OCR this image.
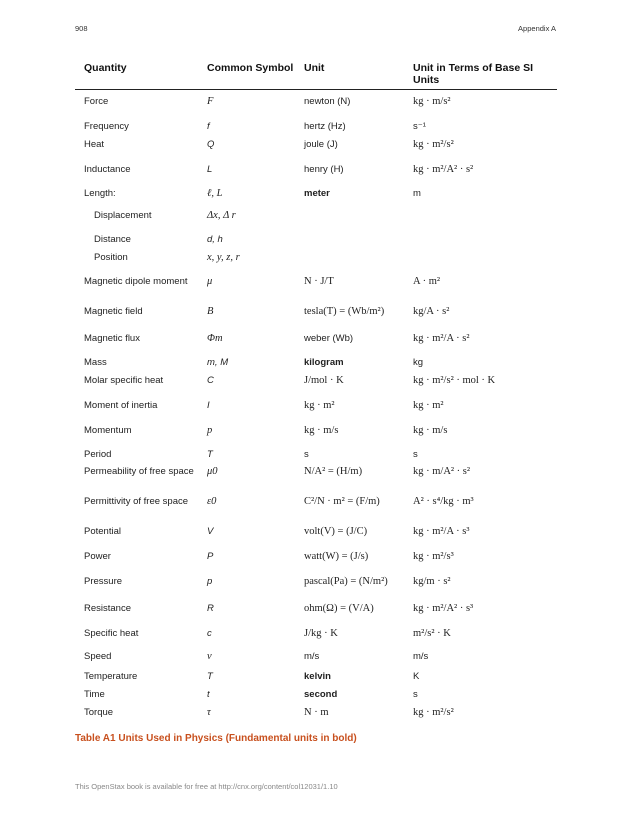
908	Appendix A
Quantity	Common Symbol	Unit	Unit in Terms of Base SI Units
Force	F⃗	newton (N)	kg · m/s²
Frequency	f	hertz (Hz)	s⁻¹
Heat	Q	joule (J)	kg · m²/s²
Inductance	L	henry (H)	kg · m²/A² · s²
Length:	ℓ, L	meter	m
Displacement	Δx, Δ r⃗
Distance	d, h
Position	x, y, z, r⃗
Magnetic dipole moment	μ⃗	N · J/T	A · m²
Magnetic field	B⃗	tesla(T) = (Wb/m²)	kg/A · s²
Magnetic flux	Φm	weber (Wb)	kg · m²/A · s²
Mass	m, M	kilogram	kg
Molar specific heat	C	J/mol · K	kg · m²/s² · mol · K
Moment of inertia	I	kg · m²	kg · m²
Momentum	p⃗	kg · m/s	kg · m/s
Period	T	s	s
Permeability of free space	μ0	N/A² = (H/m)	kg · m/A² · s²
Permittivity of free space	ε0	C²/N · m² = (F/m)	A² · s⁴/kg · m³
Potential	V	volt(V) = (J/C)	kg · m²/A · s³
Power	P	watt(W) = (J/s)	kg · m²/s³
Pressure	p	pascal(Pa) = (N/m²)	kg/m · s²
Resistance	R	ohm(Ω) = (V/A)	kg · m²/A² · s³
Specific heat	c	J/kg · K	m²/s² · K
Speed	ν	m/s	m/s
Temperature	T	kelvin	K
Time	t	second	s
Torque	τ⃗	N · m	kg · m²/s²
Table A1 Units Used in Physics (Fundamental units in bold)
This OpenStax book is available for free at http://cnx.org/content/col12031/1.10
